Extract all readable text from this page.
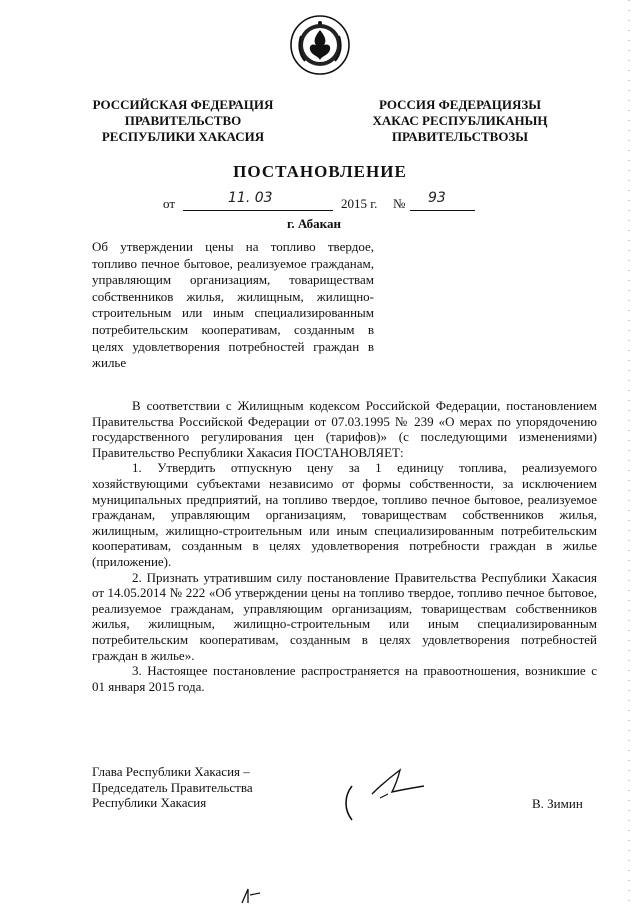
РОССИЙСКАЯ ФЕДЕРАЦИЯ
ПРАВИТЕЛЬСТВО
РЕСПУБЛИКИ ХАКАСИЯ
РОССИЯ ФЕДЕРАЦИЯЗЫ
ХАКАС РЕСПУБЛИКАНЫҢ
ПРАВИТЕЛЬСТВОЗЫ
ПОСТАНОВЛЕНИЕ
от	11. 03	2015 г. № 93
г. Абакан
Об утверждении цены на топливо твердое, топливо печное бытовое, реализуемое гражданам, управляющим организациям, товариществам собственников жилья, жилищным, жилищно-строительным или иным специализированным потребительским кооперативам, созданным в целях удовлетворения потребностей граждан в жилье

В соответствии с Жилищным кодексом Российской Федерации, постановлением Правительства Российской Федерации от 07.03.1995 № 239 «О мерах по упорядочению государственного регулирования цен (тарифов)» (с последующими изменениями) Правительство Республики Хакасия ПОСТАНОВЛЯЕТ:

1. Утвердить отпускную цену за 1 единицу топлива, реализуемого хозяйствующими субъектами независимо от формы собственности, за исключением муниципальных предприятий, на топливо твердое, топливо печное бытовое, реализуемое гражданам, управляющим организациям, товариществам собственников жилья, жилищным, жилищно-строительным или иным специализированным потребительским кооперативам, созданным в целях удовлетворения потребности граждан в жилье (приложение).

2. Признать утратившим силу постановление Правительства Республики Хакасия от 14.05.2014 № 222 «Об утверждении цены на топливо твердое, топливо печное бытовое, реализуемое гражданам, управляющим организациям, товариществам собственников жилья, жилищным, жилищно-строительным или иным специализированным потребительским кооперативам, созданным в целях удовлетворения потребностей граждан в жилье».

3. Настоящее постановление распространяется на правоотношения, возникшие с 01 января 2015 года.

Глава Республики Хакасия –
Председатель Правительства
Республики Хакасия	В. Зимин
